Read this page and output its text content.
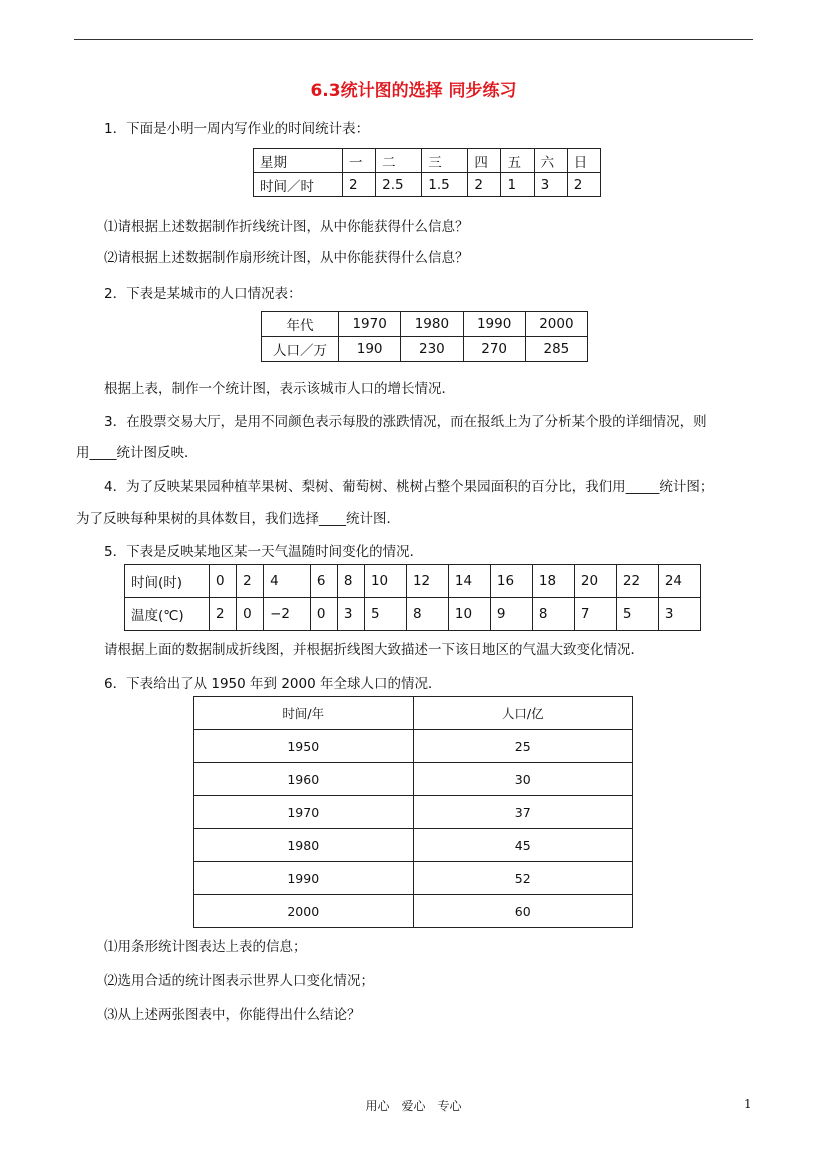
6.3统计图的选择 同步练习
1．下面是小明一周内写作业的时间统计表：
星期	一	二	三	四	五	六	日
时间／时	2	2.5	1.5	2	1	3	2
⑴请根据上述数据制作折线统计图，从中你能获得什么信息？
⑵请根据上述数据制作扇形统计图，从中你能获得什么信息？
2．下表是某城市的人口情况表：
年代	1970	1980	1990	2000
人口／万	190	230	270	285
根据上表，制作一个统计图，表示该城市人口的增长情况．
3．在股票交易大厅，是用不同颜色表示每股的涨跌情况，而在报纸上为了分析某个股的详细情况，则
用____统计图反映．
4．为了反映某果园种植苹果树、梨树、葡萄树、桃树占整个果园面积的百分比，我们用_____统计图；
为了反映每种果树的具体数目，我们选择____统计图．
5．下表是反映某地区某一天气温随时间变化的情况．
时间(时)	0	2	4	6	8	10	12	14	16	18	20	22	24
温度(℃)	2	0	−2	0	3	5	8	10	9	8	7	5	3
请根据上面的数据制成折线图，并根据折线图大致描述一下该日地区的气温大致变化情况．
6．下表给出了从 1950 年到 2000 年全球人口的情况．
时间/年	人口/亿
1950	25
1960	30
1970	37
1980	45
1990	52
2000	60
⑴用条形统计图表达上表的信息；
⑵选用合适的统计图表示世界人口变化情况；
⑶从上述两张图表中，你能得出什么结论？
用心　爱心　专心	1
